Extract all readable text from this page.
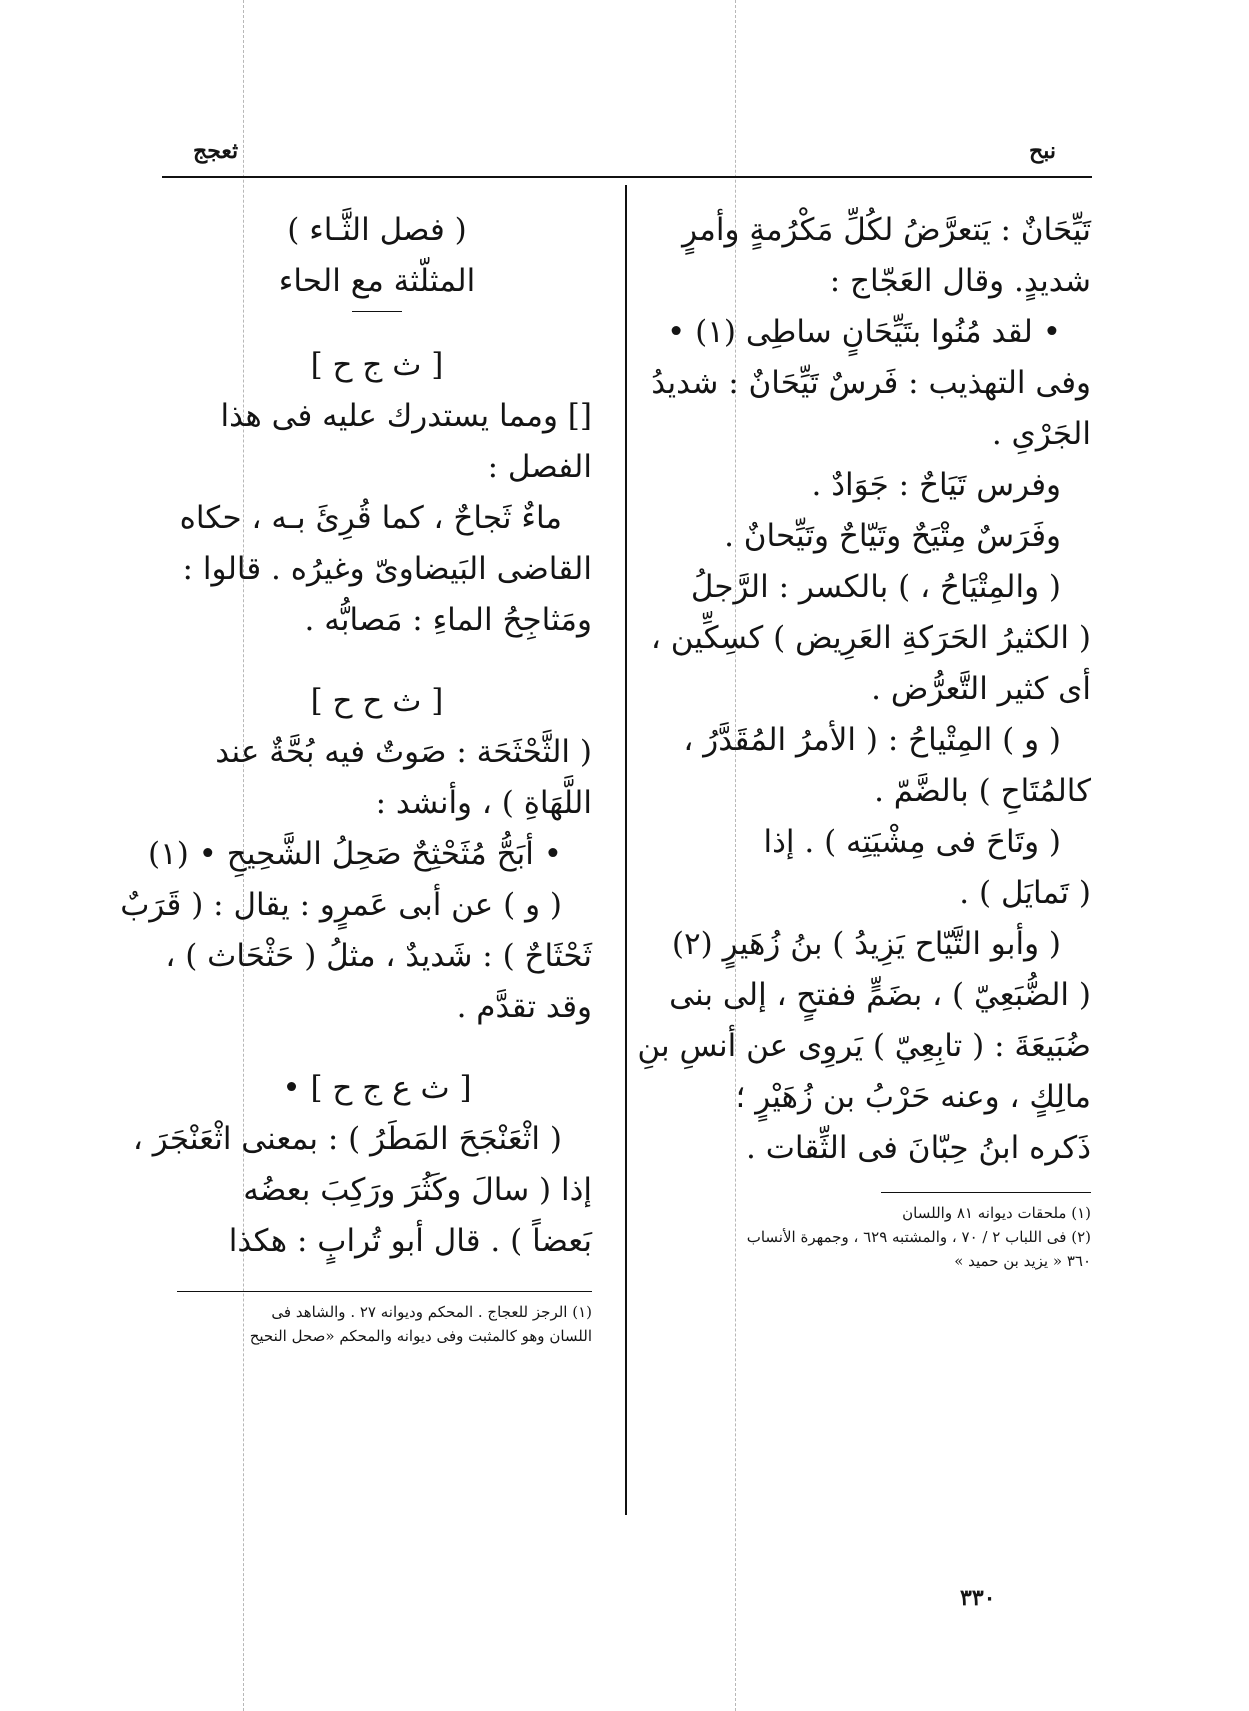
نبح
ثعجج
تَيِّحَانٌ : يَتعرَّضُ لكُلِّ مَكْرُمةٍ وأمرٍ
شديدٍ. وقال العَجّاج :
• لقد مُنُوا بتَيِّحَانٍ ساطِى (١) •
وفى التهذيب : فَرسٌ تَيِّحَانٌ : شديدُ
الجَرْىِ .
وفرس تَيَاحٌ : جَوَادٌ .
وفَرَسٌ مِتْيَحٌ وتَيّاحٌ وتَيِّحانٌ .
( والمِتْيَاحُ ، ) بالكسر : الرَّجلُ
( الكثيرُ الحَرَكةِ العَرِيض ) كسِكِّين ،
أى كثير التَّعرُّض .
( و ) المِتْياحُ : ( الأمرُ المُقَدَّرُ ،
كالمُتَاحِ ) بالضَّمّ .
( وتَاحَ فى مِشْيَتِه ) . إذا
( تَمايَل ) .
( وأبو التَّيّاح يَزِيدُ ) بنُ زُهَيرٍ (٢)
( الضُّبَعِيّ ) ، بضَمٍّ ففتحٍ ، إلى بنى
ضُبَيعَةَ : ( تابِعِيّ ) يَروِى عن أنسِ بنِ
مالِكٍ ، وعنه حَرْبُ بن زُهَيْرٍ ؛
ذَكره ابنُ حِبّانَ فى الثِّقات .
(١) ملحقات ديوانه ٨١ واللسان
(٢) فى اللباب ٢ / ٧٠ ، والمشتبه ٦٢٩ ، وجمهرة الأنساب
٣٦٠ « يزيد بن حميد »
( فصل الثَّـاء )
المثلّثة مع الحاء
[ ث ج ح ]
[] ومما يستدرك عليه فى هذا
الفصل :
ماءٌ ثَجاحٌ ، كما قُرِئَ بـه ، حكاه
القاضى البَيضاوىّ وغيرُه . قالوا :
ومَثاجِحُ الماءِ : مَصابُّه .
[ ث ح ح ]
( الثَّحْثَحَة : صَوتٌ فيه بُحَّةٌ عند
اللَّهَاةِ ) ، وأنشد :
• أبَحُّ مُثَحْثِحٌ صَحِلُ الشَّحِيحِ • (١)
( و ) عن أبى عَمرٍو : يقال : ( قَرَبٌ
ثَحْثَاحٌ ) : شَديدٌ ، مثلُ ( حَثْحَاث ) ،
وقد تقدَّم .
[ ث ع ج ح ] •
( اثْعَنْجَحَ المَطَرُ ) : بمعنى اثْعَنْجَرَ ،
إذا ( سالَ وكَثُرَ ورَكِبَ بعضُه
بَعضاً ) . قال أبو تُرابٍ : هكذا
(١) الرجز للعجاج . المحكم وديوانه ٢٧ . والشاهد فى
اللسان وهو كالمثبت وفى ديوانه والمحكم «صحل النحيح
٣٣٠
